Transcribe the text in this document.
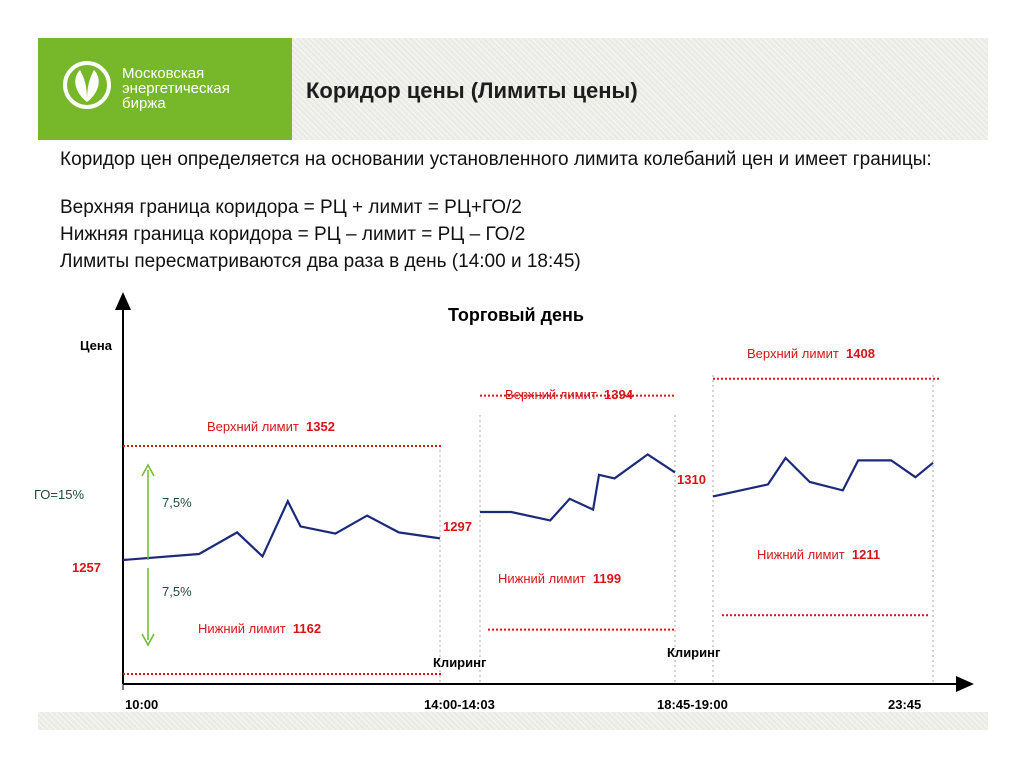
Московская
энергетическая
биржа
Коридор цены (Лимиты цены)
Коридор цен определяется на основании установленного лимита колебаний цен и имеет границы:
Верхняя граница коридора = РЦ + лимит = РЦ+ГО/2
Нижняя граница коридора = РЦ – лимит = РЦ – ГО/2
Лимиты пересматриваются два раза в день (14:00 и 18:45)
Торговый день
Цена
ГО=15%
7,5%
7,5%
1257
Верхний лимит 1352
Нижний лимит 1162
1297
Верхний лимит 1394
Нижний лимит 1199
1310
Верхний лимит 1408
Нижний лимит 1211
Клиринг
Клиринг
10:00	14:00-14:03	18:45-19:00	23:45
